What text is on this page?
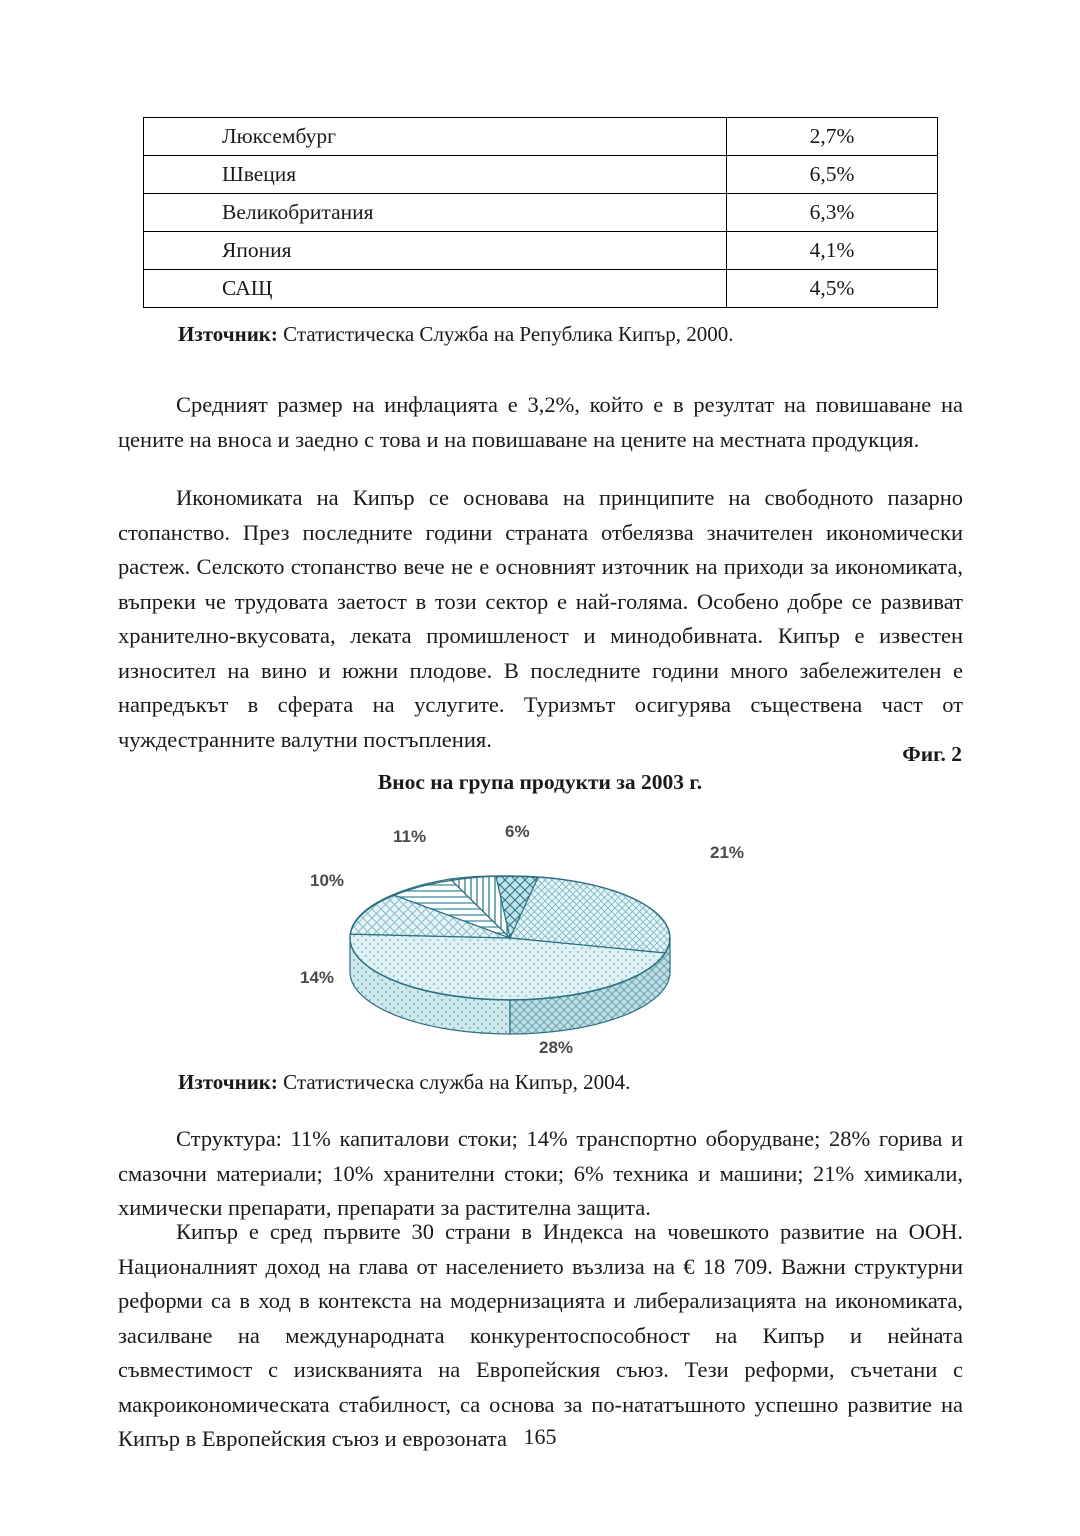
Люксембург	2,7%
Швеция	6,5%
Великобритания	6,3%
Япония	4,1%
САЩ	4,5%
Източник: Статистическа Служба на Република Кипър, 2000.
Средният размер на инфлацията е 3,2%, който е в резултат на повишаване на цените на вноса и заедно с това и на повишаване на цените на местната продукция.
Икономиката на Кипър се основава на принципите на свободното пазарно стопанство. През последните години страната отбелязва значителен икономически растеж. Селското стопанство вече не е основният източник на приходи за икономиката, въпреки че трудовата заетост в този сектор е най-голяма. Особено добре се развиват хранително-вкусовата, леката промишленост и минодобивната. Кипър е известен износител на вино и южни плодове. В последните години много забележителен е напредъкът в сферата на услугите. Туризмът осигурява съществена част от чуждестранните валутни постъпления.
Фиг. 2
Внос на група продукти за 2003 г.
21%
28%
14%
10%
11%	6%
Източник: Статистическа служба на Кипър, 2004.
Структура: 11% капиталови стоки; 14% транспортно оборудване; 28% горива и смазочни материали; 10% хранителни стоки; 6% техника и машини; 21% химикали, химически препарати, препарати за растителна защита.
Кипър е сред първите 30 страни в Индекса на човешкото развитие на ООН. Националният доход на глава от населението възлиза на € 18 709. Важни структурни реформи са в ход в контекста на модернизацията и либерализацията на икономиката, засилване на международната конкурентоспособност на Кипър и нейната съвместимост с изискванията на Европейския съюз. Тези реформи, съчетани с макроикономическата стабилност, са основа за по-нататъшното успешно развитие на Кипър в Европейския съюз и еврозоната 165
